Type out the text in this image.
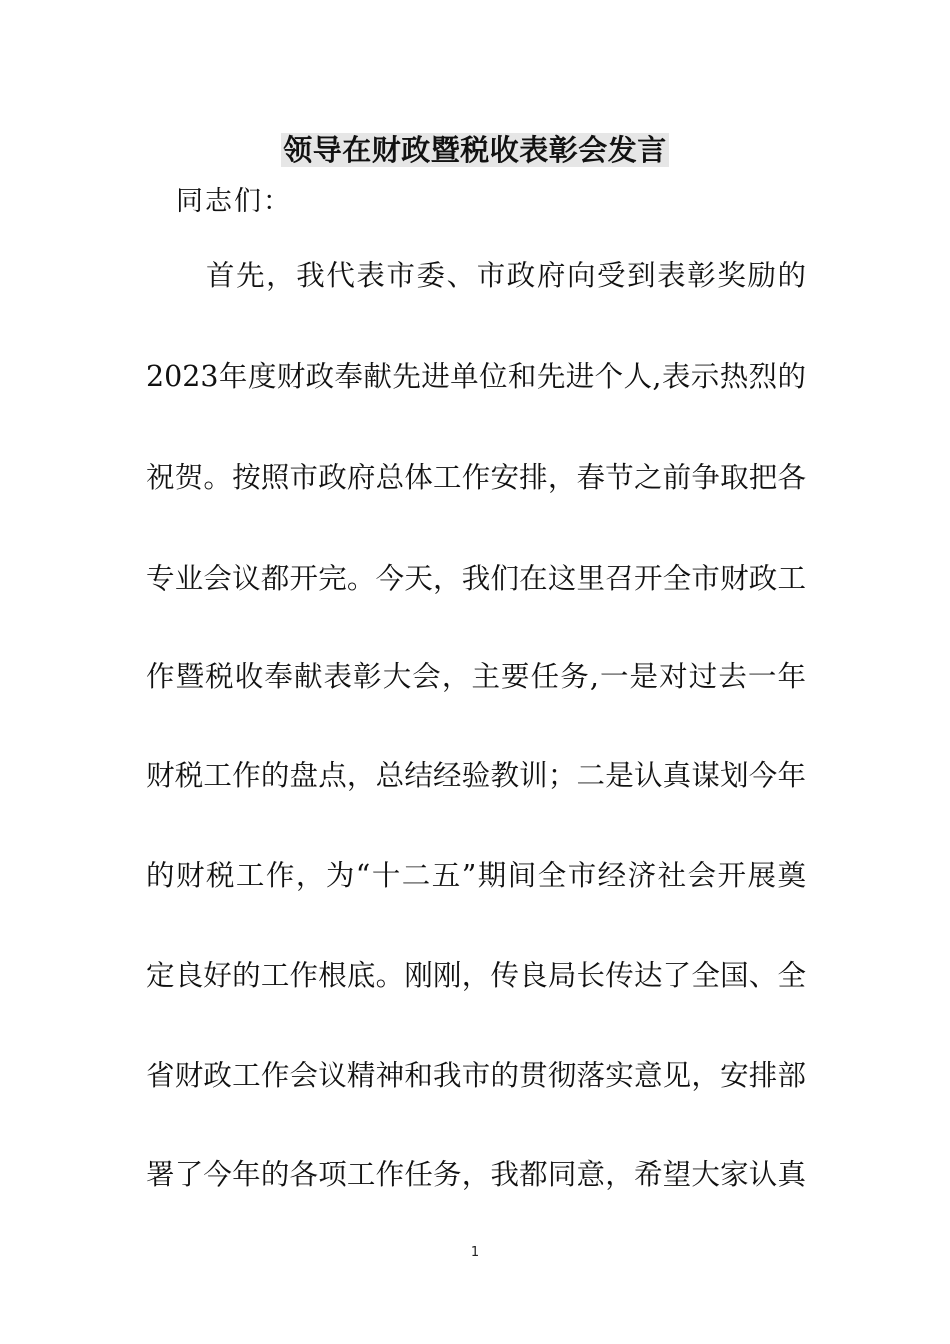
领导在财政暨税收表彰会发言
同志们：
首先，我代表市委、市政府向受到表彰奖励的
2023年度财政奉献先进单位和先进个人,表示热烈的
祝贺。按照市政府总体工作安排，春节之前争取把各
专业会议都开完。今天，我们在这里召开全市财政工
作暨税收奉献表彰大会，主要任务,一是对过去一年
财税工作的盘点，总结经验教训；二是认真谋划今年
的财税工作，为“十二五”期间全市经济社会开展奠
定良好的工作根底。刚刚，传良局长传达了全国、全
省财政工作会议精神和我市的贯彻落实意见，安排部
署了今年的各项工作任务，我都同意，希望大家认真
1
